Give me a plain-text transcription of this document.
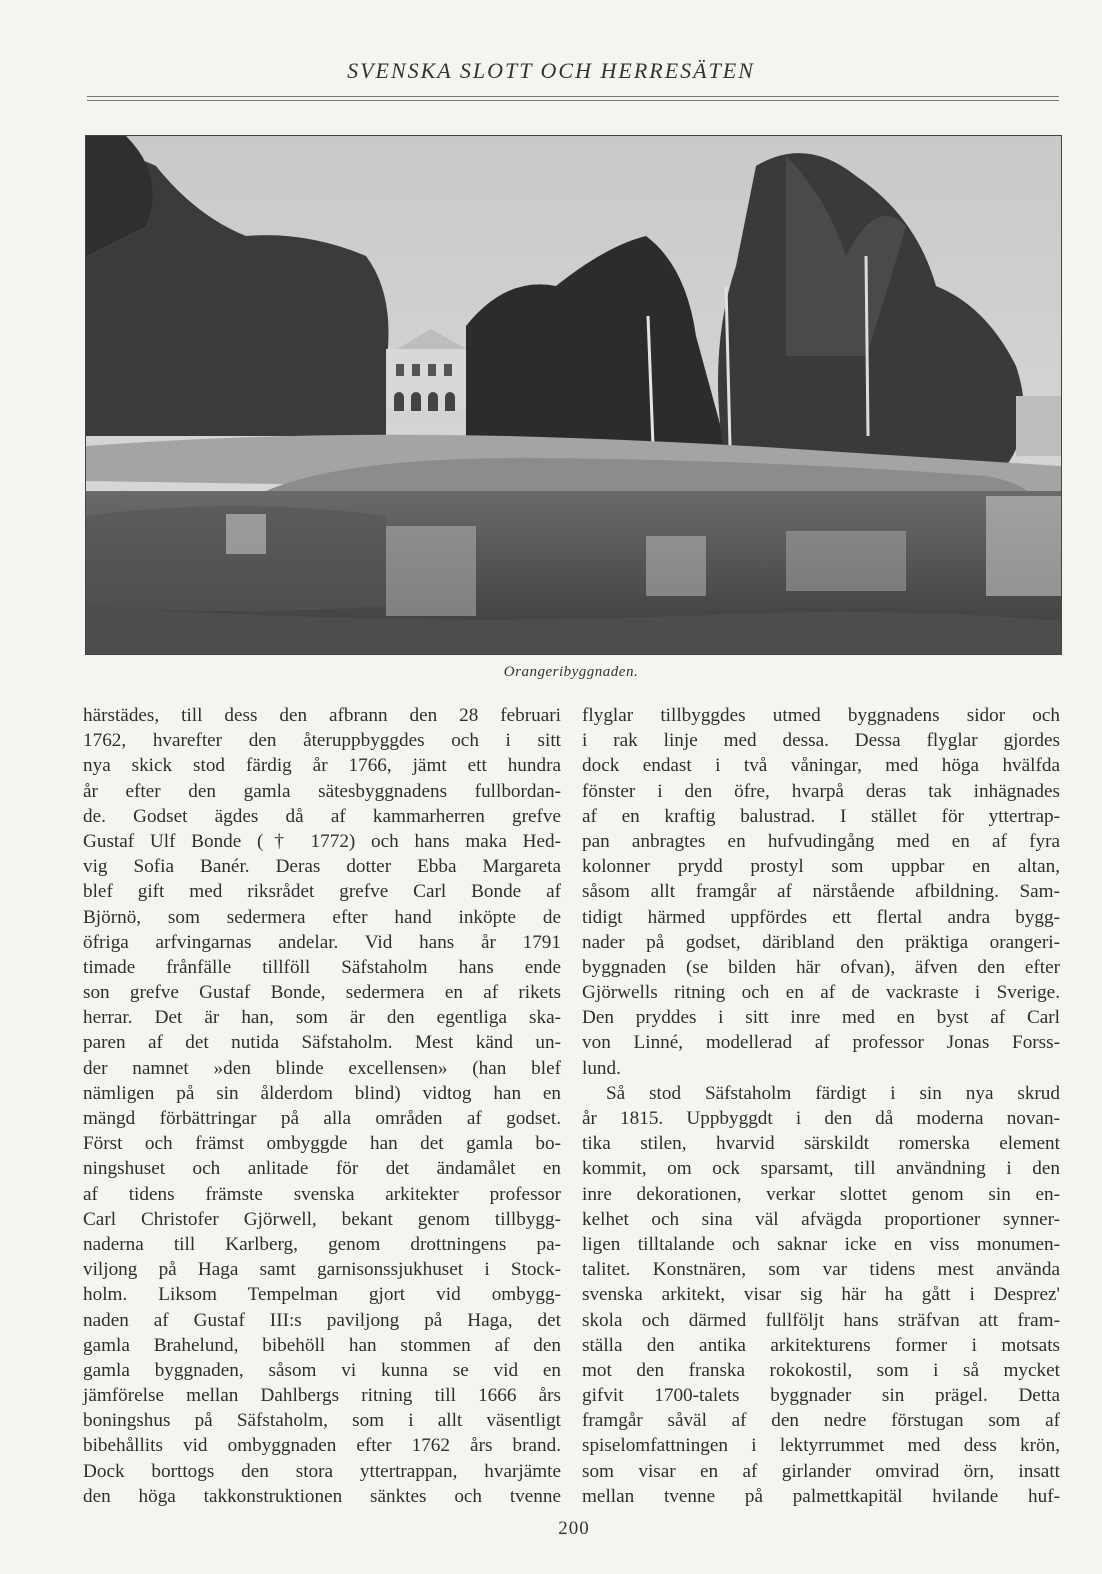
SVENSKA SLOTT OCH HERRESÄTEN
Orangeribyggnaden.
härstädes, till dess den afbrann den 28 februari
1762, hvarefter den återuppbyggdes och i sitt
nya skick stod färdig år 1766, jämt ett hundra
år efter den gamla sätesbyggnadens fullbordan-
de. Godset ägdes då af kammarherren grefve
Gustaf Ulf Bonde († 1772) och hans maka Hed-
vig Sofia Banér. Deras dotter Ebba Margareta
blef gift med riksrådet grefve Carl Bonde af
Björnö, som sedermera efter hand inköpte de
öfriga arfvingarnas andelar. Vid hans år 1791
timade frånfälle tillföll Säfstaholm hans ende
son grefve Gustaf Bonde, sedermera en af rikets
herrar. Det är han, som är den egentliga ska-
paren af det nutida Säfstaholm. Mest känd un-
der namnet »den blinde excellensen» (han blef
nämligen på sin ålderdom blind) vidtog han en
mängd förbättringar på alla områden af godset.
Först och främst ombyggde han det gamla bo-
ningshuset och anlitade för det ändamålet en
af tidens främste svenska arkitekter professor
Carl Christofer Gjörwell, bekant genom tillbygg-
naderna till Karlberg, genom drottningens pa-
viljong på Haga samt garnisonssjukhuset i Stock-
holm. Liksom Tempelman gjort vid ombygg-
naden af Gustaf III:s paviljong på Haga, det
gamla Brahelund, bibehöll han stommen af den
gamla byggnaden, såsom vi kunna se vid en
jämförelse mellan Dahlbergs ritning till 1666 års
boningshus på Säfstaholm, som i allt väsentligt
bibehållits vid ombyggnaden efter 1762 års brand.
Dock borttogs den stora yttertrappan, hvarjämte
den höga takkonstruktionen sänktes och tvenne
flyglar tillbyggdes utmed byggnadens sidor och
i rak linje med dessa. Dessa flyglar gjordes
dock endast i två våningar, med höga hvälfda
fönster i den öfre, hvarpå deras tak inhägnades
af en kraftig balustrad. I stället för yttertrap-
pan anbragtes en hufvudingång med en af fyra
kolonner prydd prostyl som uppbar en altan,
såsom allt framgår af närstående afbildning. Sam-
tidigt härmed uppfördes ett flertal andra bygg-
nader på godset, däribland den präktiga orangeri-
byggnaden (se bilden här ofvan), äfven den efter
Gjörwells ritning och en af de vackraste i Sverige.
Den pryddes i sitt inre med en byst af Carl
von Linné, modellerad af professor Jonas Forss-
lund.
Så stod Säfstaholm färdigt i sin nya skrud
år 1815. Uppbyggdt i den då moderna novan-
tika stilen, hvarvid särskildt romerska element
kommit, om ock sparsamt, till användning i den
inre dekorationen, verkar slottet genom sin en-
kelhet och sina väl afvägda proportioner synner-
ligen tilltalande och saknar icke en viss monumen-
talitet. Konstnären, som var tidens mest använda
svenska arkitekt, visar sig här ha gått i Desprez'
skola och därmed fullföljt hans sträfvan att fram-
ställa den antika arkitekturens former i motsats
mot den franska rokokostil, som i så mycket
gifvit 1700-talets byggnader sin prägel. Detta
framgår såväl af den nedre förstugan som af
spiselomfattningen i lektyrrummet med dess krön,
som visar en af girlander omvirad örn, insatt
mellan tvenne på palmettkapitäl hvilande huf-
200
